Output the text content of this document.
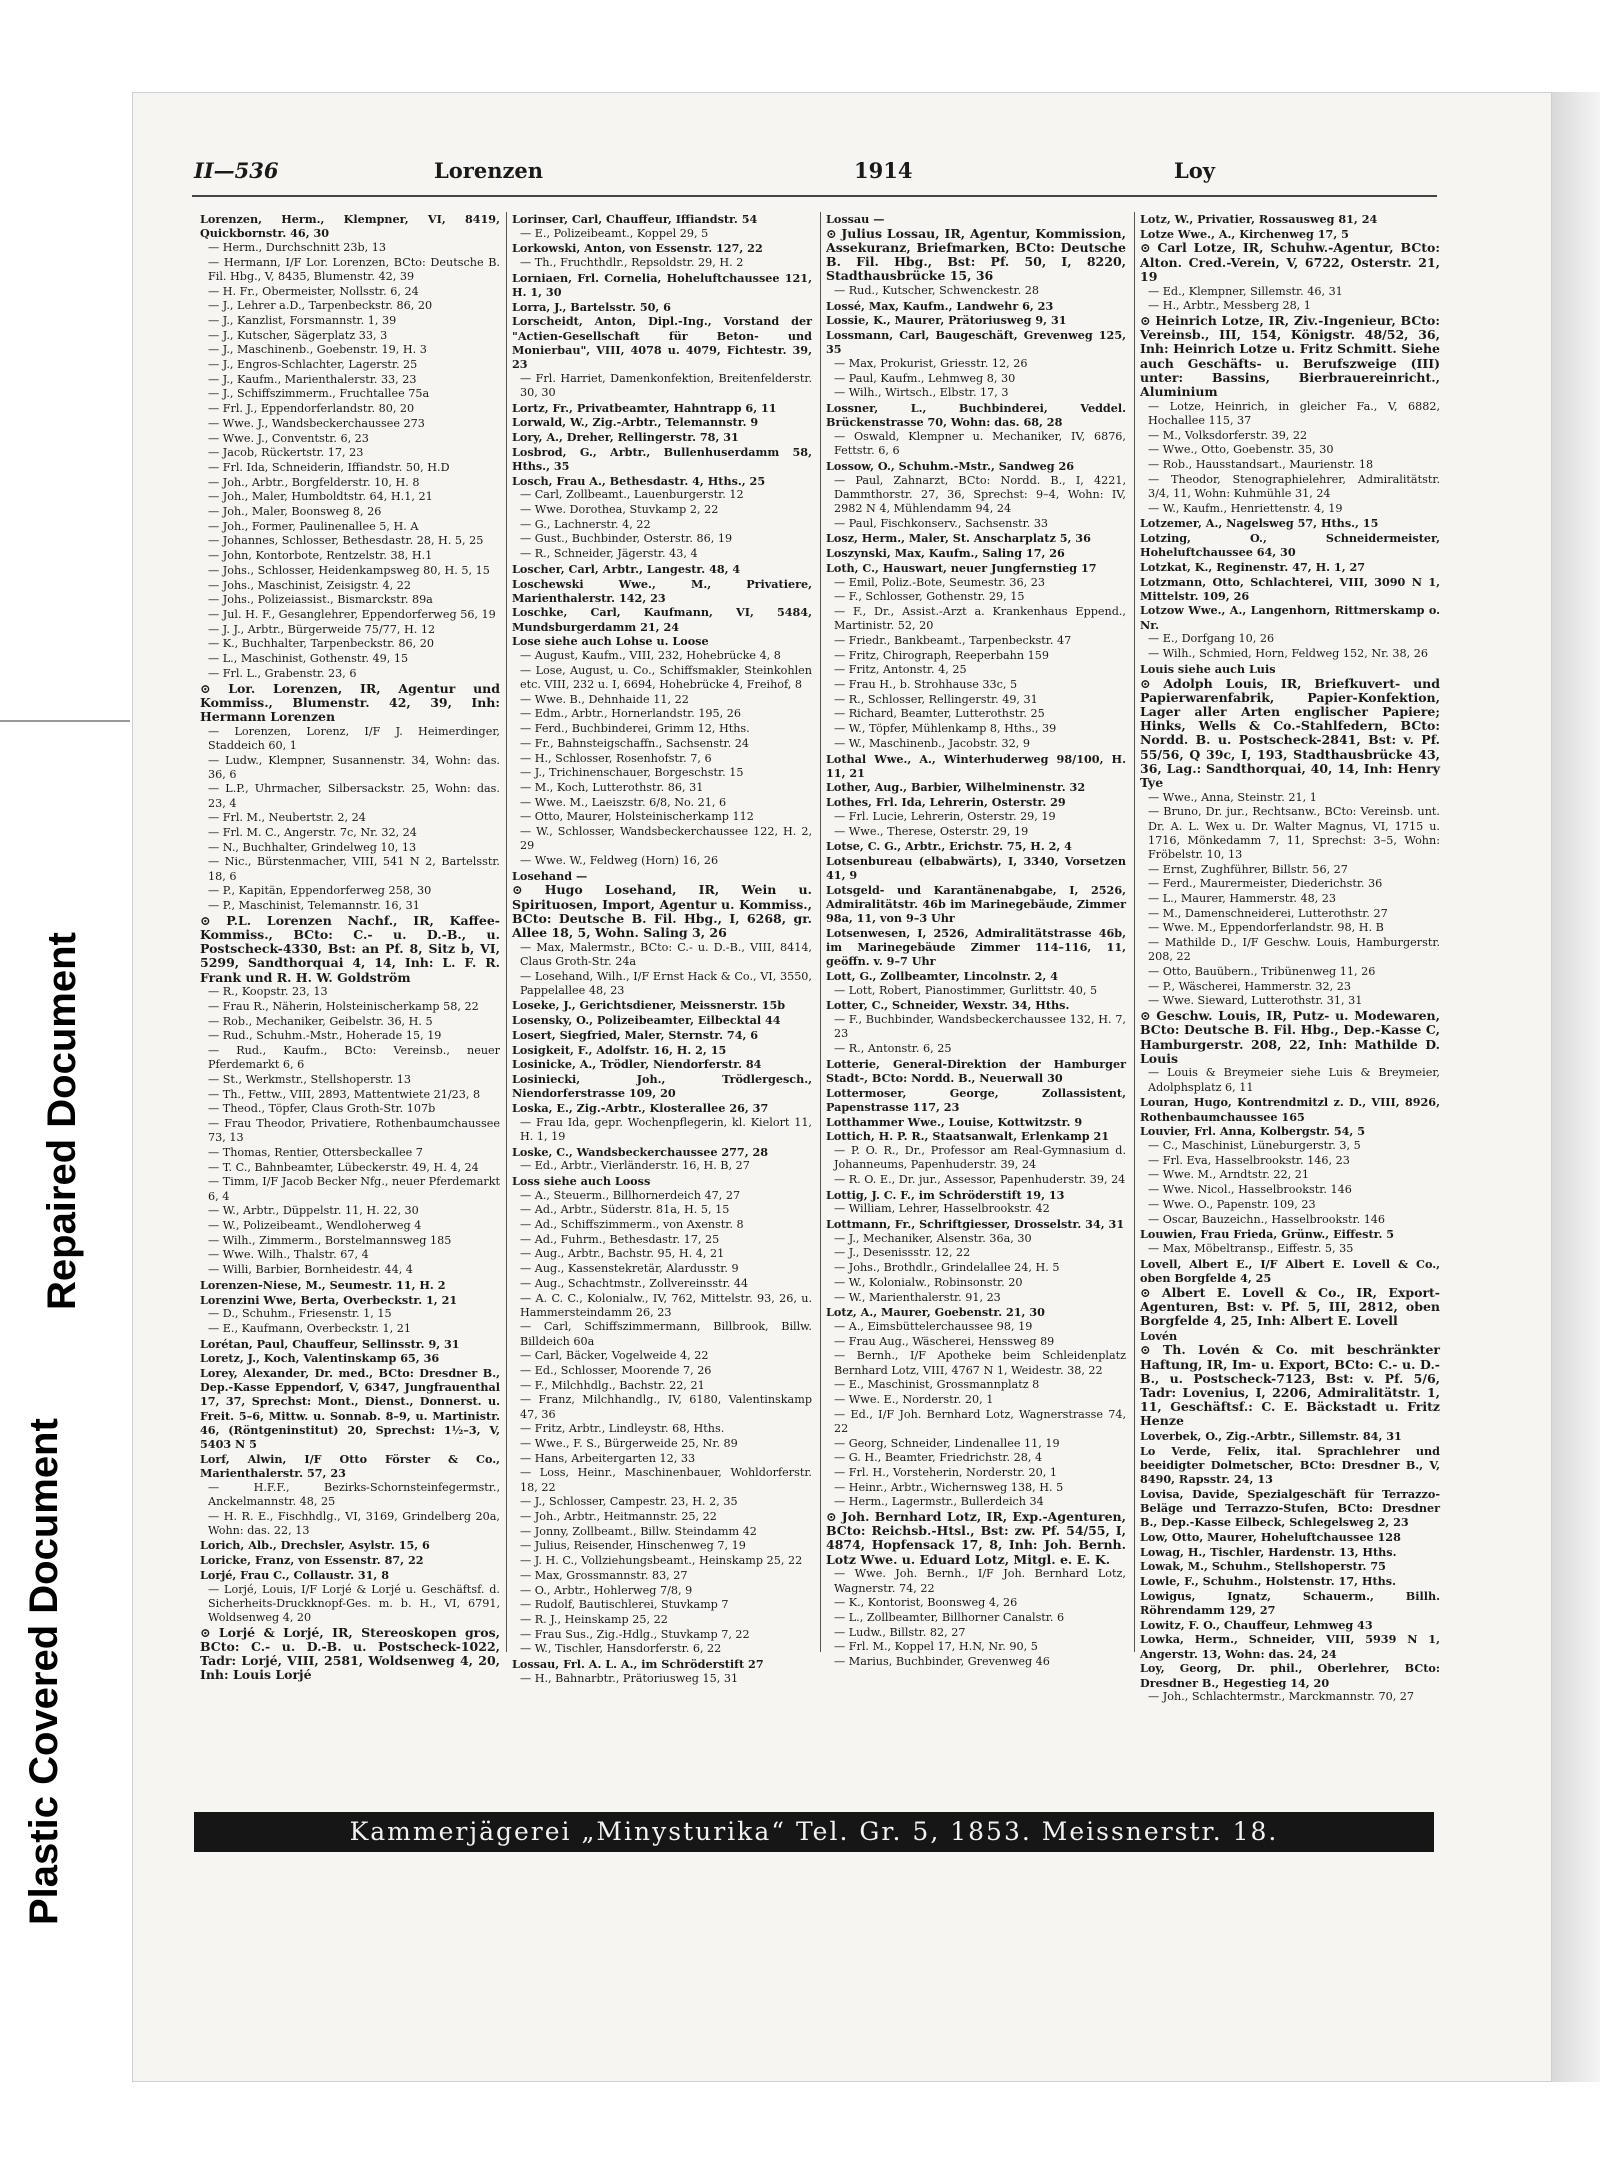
Repaired Document
Plastic Covered Document
II—536	Lorenzen	1914	Loy
Lorenzen, Herm., Klempner, VI, 8419, Quickbornstr. 46, 30
— Herm., Durchschnitt 23b, 13
— Hermann, I/F Lor. Lorenzen, BCto: Deutsche B. Fil. Hbg., V, 8435, Blumenstr. 42, 39
— H. Fr., Obermeister, Nollsstr. 6, 24
— J., Lehrer a.D., Tarpenbeckstr. 86, 20
— J., Kanzlist, Forsmannstr. 1, 39
— J., Kutscher, Sägerplatz 33, 3
— J., Maschinenb., Goebenstr. 19, H. 3
— J., Engros-Schlachter, Lagerstr. 25
— J., Kaufm., Marienthalerstr. 33, 23
— J., Schiffszimmerm., Fruchtallee 75a
— Frl. J., Eppendorferlandstr. 80, 20
— Wwe. J., Wandsbeckerchaussee 273
— Wwe. J., Conventstr. 6, 23
— Jacob, Rückertstr. 17, 23
— Frl. Ida, Schneiderin, Iffiandstr. 50, H.D
— Joh., Arbtr., Borgfelderstr. 10, H. 8
— Joh., Maler, Humboldtstr. 64, H.1, 21
— Joh., Maler, Boonsweg 8, 26
— Joh., Former, Paulinenallee 5, H. A
— Johannes, Schlosser, Bethesdastr. 28, H. 5, 25
— John, Kontorbote, Rentzelstr. 38, H.1
— Johs., Schlosser, Heidenkampsweg 80, H. 5, 15
— Johs., Maschinist, Zeisigstr. 4, 22
— Johs., Polizeiassist., Bismarckstr. 89a
— Jul. H. F., Gesanglehrer, Eppendorferweg 56, 19
— J. J., Arbtr., Bürgerweide 75/77, H. 12
— K., Buchhalter, Tarpenbeckstr. 86, 20
— L., Maschinist, Gothenstr. 49, 15
— Frl. L., Grabenstr. 23, 6
⊙ Lor. Lorenzen, IR, Agentur und Kommiss., Blumenstr. 42, 39, Inh: Hermann Lorenzen
— Lorenzen, Lorenz, I/F J. Heimerdinger, Staddeich 60, 1
— Ludw., Klempner, Susannenstr. 34, Wohn: das. 36, 6
— L.P., Uhrmacher, Silbersackstr. 25, Wohn: das. 23, 4
— Frl. M., Neubertstr. 2, 24
— Frl. M. C., Angerstr. 7c, Nr. 32, 24
— N., Buchhalter, Grindelweg 10, 13
— Nic., Bürstenmacher, VIII, 541 N 2, Bartelsstr. 18, 6
— P., Kapitän, Eppendorferweg 258, 30
— P., Maschinist, Telemannstr. 16, 31
⊙ P.L. Lorenzen Nachf., IR, Kaffee-Kommiss., BCto: C.- u. D.-B., u. Postscheck-4330, Bst: an Pf. 8, Sitz b, VI, 5299, Sandthorquai 4, 14, Inh: L. F. R. Frank und R. H. W. Goldström
— R., Koopstr. 23, 13
— Frau R., Näherin, Holsteinischerkamp 58, 22
— Rob., Mechaniker, Geibelstr. 36, H. 5
— Rud., Schuhm.-Mstr., Hoherade 15, 19
— Rud., Kaufm., BCto: Vereinsb., neuer Pferdemarkt 6, 6
— St., Werkmstr., Stellshoperstr. 13
— Th., Fettw., VIII, 2893, Mattentwiete 21/23, 8
— Theod., Töpfer, Claus Groth-Str. 107b
— Frau Theodor, Privatiere, Rothenbaumchaussee 73, 13
— Thomas, Rentier, Ottersbeckallee 7
— T. C., Bahnbeamter, Lübeckerstr. 49, H. 4, 24
— Timm, I/F Jacob Becker Nfg., neuer Pferdemarkt 6, 4
— W., Arbtr., Düppelstr. 11, H. 22, 30
— W., Polizeibeamt., Wendloherweg 4
— Wilh., Zimmerm., Borstelmannsweg 185
— Wwe. Wilh., Thalstr. 67, 4
— Willi, Barbier, Bornheidestr. 44, 4
Lorenzen-Niese, M., Seumestr. 11, H. 2
Lorenzini Wwe, Berta, Overbeckstr. 1, 21
— D., Schuhm., Friesenstr. 1, 15
— E., Kaufmann, Overbeckstr. 1, 21
Lorétan, Paul, Chauffeur, Sellinsstr. 9, 31
Loretz, J., Koch, Valentinskamp 65, 36
Lorey, Alexander, Dr. med., BCto: Dresdner B., Dep.-Kasse Eppendorf, V, 6347, Jungfrauenthal 17, 37, Sprechst: Mont., Dienst., Donnerst. u. Freit. 5–6, Mittw. u. Sonnab. 8–9, u. Martinistr. 46, (Röntgeninstitut) 20, Sprechst: 1½–3, V, 5403 N 5
Lorf, Alwin, I/F Otto Förster & Co., Marienthalerstr. 57, 23
— H.F.F., Bezirks-Schornsteinfegermstr., Anckelmannstr. 48, 25
— H. R. E., Fischhdlg., VI, 3169, Grindelberg 20a, Wohn: das. 22, 13
Lorich, Alb., Drechsler, Asylstr. 15, 6
Loricke, Franz, von Essenstr. 87, 22
Lorjé, Frau C., Collaustr. 31, 8
— Lorjé, Louis, I/F Lorjé & Lorjé u. Geschäftsf. d. Sicherheits-Druckknopf-Ges. m. b. H., VI, 6791, Woldsenweg 4, 20
⊙ Lorjé & Lorjé, IR, Stereoskopen gros, BCto: C.- u. D.-B. u. Postscheck-1022, Tadr: Lorjé, VIII, 2581, Woldsenweg 4, 20, Inh: Louis Lorjé
Lorinser, Carl, Chauffeur, Iffiandstr. 54
— E., Polizeibeamt., Koppel 29, 5
Lorkowski, Anton, von Essenstr. 127, 22
— Th., Fruchthdlr., Repsoldstr. 29, H. 2
Lorniaen, Frl. Cornelia, Hoheluftchaussee 121, H. 1, 30
Lorra, J., Bartelsstr. 50, 6
Lorscheidt, Anton, Dipl.-Ing., Vorstand der "Actien-Gesellschaft für Beton- und Monierbau", VIII, 4078 u. 4079, Fichtestr. 39, 23
— Frl. Harriet, Damenkonfektion, Breitenfelderstr. 30, 30
Lortz, Fr., Privatbeamter, Hahntrapp 6, 11
Lorwald, W., Zig.-Arbtr., Telemannstr. 9
Lory, A., Dreher, Rellingerstr. 78, 31
Losbrod, G., Arbtr., Bullenhuserdamm 58, Hths., 35
Losch, Frau A., Bethesdastr. 4, Hths., 25
— Carl, Zollbeamt., Lauenburgerstr. 12
— Wwe. Dorothea, Stuvkamp 2, 22
— G., Lachnerstr. 4, 22
— Gust., Buchbinder, Osterstr. 86, 19
— R., Schneider, Jägerstr. 43, 4
Loscher, Carl, Arbtr., Langestr. 48, 4
Loschewski Wwe., M., Privatiere, Marienthalerstr. 142, 23
Loschke, Carl, Kaufmann, VI, 5484, Mundsburgerdamm 21, 24
Lose siehe auch Lohse u. Loose
— August, Kaufm., VIII, 232, Hohebrücke 4, 8
— Lose, August, u. Co., Schiffsmakler, Steinkohlen etc. VIII, 232 u. I, 6694, Hohebrücke 4, Freihof, 8
— Wwe. B., Dehnhaide 11, 22
— Edm., Arbtr., Hornerlandstr. 195, 26
— Ferd., Buchbinderei, Grimm 12, Hths.
— Fr., Bahnsteigschaffn., Sachsenstr. 24
— H., Schlosser, Rosenhofstr. 7, 6
— J., Trichinenschauer, Borgeschstr. 15
— M., Koch, Lutterothstr. 86, 31
— Wwe. M., Laeiszstr. 6/8, No. 21, 6
— Otto, Maurer, Holsteinischerkamp 112
— W., Schlosser, Wandsbeckerchaussee 122, H. 2, 29
— Wwe. W., Feldweg (Horn) 16, 26
Losehand —
⊙ Hugo Losehand, IR, Wein u. Spirituosen, Import, Agentur u. Kommiss., BCto: Deutsche B. Fil. Hbg., I, 6268, gr. Allee 18, 5, Wohn. Saling 3, 26
— Max, Malermstr., BCto: C.- u. D.-B., VIII, 8414, Claus Groth-Str. 24a
— Losehand, Wilh., I/F Ernst Hack & Co., VI, 3550, Pappelallee 48, 23
Loseke, J., Gerichtsdiener, Meissnerstr. 15b
Losensky, O., Polizeibeamter, Eilbecktal 44
Losert, Siegfried, Maler, Sternstr. 74, 6
Losigkeit, F., Adolfstr. 16, H. 2, 15
Losinicke, A., Trödler, Niendorferstr. 84
Losiniecki, Joh., Trödlergesch., Niendorferstrasse 109, 20
Loska, E., Zig.-Arbtr., Klosterallee 26, 37
— Frau Ida, gepr. Wochenpflegerin, kl. Kielort 11, H. 1, 19
Loske, C., Wandsbeckerchaussee 277, 28
— Ed., Arbtr., Vierländerstr. 16, H. B, 27
Loss siehe auch Looss
— A., Steuerm., Billhornerdeich 47, 27
— Ad., Arbtr., Süderstr. 81a, H. 5, 15
— Ad., Schiffszimmerm., von Axenstr. 8
— Ad., Fuhrm., Bethesdastr. 17, 25
— Aug., Arbtr., Bachstr. 95, H. 4, 21
— Aug., Kassenstekretär, Alardusstr. 9
— Aug., Schachtmstr., Zollvereinsstr. 44
— A. C. C., Kolonialw., IV, 762, Mittelstr. 93, 26, u. Hammersteindamm 26, 23
— Carl, Schiffszimmermann, Billbrook, Billw. Billdeich 60a
— Carl, Bäcker, Vogelweide 4, 22
— Ed., Schlosser, Moorende 7, 26
— F., Milchhdlg., Bachstr. 22, 21
— Franz, Milchhandlg., IV, 6180, Valentinskamp 47, 36
— Fritz, Arbtr., Lindleystr. 68, Hths.
— Wwe., F. S., Bürgerweide 25, Nr. 89
— Hans, Arbeitergarten 12, 33
— Loss, Heinr., Maschinenbauer, Wohldorferstr. 18, 22
— J., Schlosser, Campestr. 23, H. 2, 35
— Joh., Arbtr., Heitmannstr. 25, 22
— Jonny, Zollbeamt., Billw. Steindamm 42
— Julius, Reisender, Hinschenweg 7, 19
— J. H. C., Vollziehungsbeamt., Heinskamp 25, 22
— Max, Grossmannstr. 83, 27
— O., Arbtr., Hohlerweg 7/8, 9
— Rudolf, Bautischlerei, Stuvkamp 7
— R. J., Heinskamp 25, 22
— Frau Sus., Zig.-Hdlg., Stuvkamp 7, 22
— W., Tischler, Hansdorferstr. 6, 22
Lossau, Frl. A. L. A., im Schröderstift 27
— H., Bahnarbtr., Prätoriusweg 15, 31
Lossau —
⊙ Julius Lossau, IR, Agentur, Kommission, Assekuranz, Briefmarken, BCto: Deutsche B. Fil. Hbg., Bst: Pf. 50, I, 8220, Stadthausbrücke 15, 36
— Rud., Kutscher, Schwenckestr. 28
Lossé, Max, Kaufm., Landwehr 6, 23
Lossie, K., Maurer, Prätoriusweg 9, 31
Lossmann, Carl, Baugeschäft, Grevenweg 125, 35
— Max, Prokurist, Griesstr. 12, 26
— Paul, Kaufm., Lehmweg 8, 30
— Wilh., Wirtsch., Elbstr. 17, 3
Lossner, L., Buchbinderei, Veddel. Brückenstrasse 70, Wohn: das. 68, 28
— Oswald, Klempner u. Mechaniker, IV, 6876, Fettstr. 6, 6
Lossow, O., Schuhm.-Mstr., Sandweg 26
— Paul, Zahnarzt, BCto: Nordd. B., I, 4221, Dammthorstr. 27, 36, Sprechst: 9–4, Wohn: IV, 2982 N 4, Mühlendamm 94, 24
— Paul, Fischkonserv., Sachsenstr. 33
Losz, Herm., Maler, St. Anscharplatz 5, 36
Loszynski, Max, Kaufm., Saling 17, 26
Loth, C., Hauswart, neuer Jungfernstieg 17
— Emil, Poliz.-Bote, Seumestr. 36, 23
— F., Schlosser, Gothenstr. 29, 15
— F., Dr., Assist.-Arzt a. Krankenhaus Eppend., Martinistr. 52, 20
— Friedr., Bankbeamt., Tarpenbeckstr. 47
— Fritz, Chirograph, Reeperbahn 159
— Fritz, Antonstr. 4, 25
— Frau H., b. Strohhause 33c, 5
— R., Schlosser, Rellingerstr. 49, 31
— Richard, Beamter, Lutterothstr. 25
— W., Töpfer, Mühlenkamp 8, Hths., 39
— W., Maschinenb., Jacobstr. 32, 9
Lothal Wwe., A., Winterhuderweg 98/100, H. 11, 21
Lother, Aug., Barbier, Wilhelminenstr. 32
Lothes, Frl. Ida, Lehrerin, Osterstr. 29
— Frl. Lucie, Lehrerin, Osterstr. 29, 19
— Wwe., Therese, Osterstr. 29, 19
Lotse, C. G., Arbtr., Erichstr. 75, H. 2, 4
Lotsenbureau (elbabwärts), I, 3340, Vorsetzen 41, 9
Lotsgeld- und Karantänenabgabe, I, 2526, Admiralitätstr. 46b im Marinegebäude, Zimmer 98a, 11, von 9–3 Uhr
Lotsenwesen, I, 2526, Admiralitätstrasse 46b, im Marinegebäude Zimmer 114–116, 11, geöffn. v. 9–7 Uhr
Lott, G., Zollbeamter, Lincolnstr. 2, 4
— Lott, Robert, Pianostimmer, Gurlittstr. 40, 5
Lotter, C., Schneider, Wexstr. 34, Hths.
— F., Buchbinder, Wandsbeckerchaussee 132, H. 7, 23
— R., Antonstr. 6, 25
Lotterie, General-Direktion der Hamburger Stadt-, BCto: Nordd. B., Neuerwall 30
Lottermoser, George, Zollassistent, Papenstrasse 117, 23
Lotthammer Wwe., Louise, Kottwitzstr. 9
Lottich, H. P. R., Staatsanwalt, Erlenkamp 21
— P. O. R., Dr., Professor am Real-Gymnasium d. Johanneums, Papenhuderstr. 39, 24
— R. O. E., Dr. jur., Assessor, Papenhuderstr. 39, 24
Lottig, J. C. F., im Schröderstift 19, 13
— William, Lehrer, Hasselbrookstr. 42
Lottmann, Fr., Schriftgiesser, Drosselstr. 34, 31
— J., Mechaniker, Alsenstr. 36a, 30
— J., Desenissstr. 12, 22
— Johs., Brothdlr., Grindelallee 24, H. 5
— W., Kolonialw., Robinsonstr. 20
— W., Marienthalerstr. 91, 23
Lotz, A., Maurer, Goebenstr. 21, 30
— A., Eimsbüttelerchaussee 98, 19
— Frau Aug., Wäscherei, Henssweg 89
— Bernh., I/F Apotheke beim Schleidenplatz Bernhard Lotz, VIII, 4767 N 1, Weidestr. 38, 22
— E., Maschinist, Grossmannplatz 8
— Wwe. E., Norderstr. 20, 1
— Ed., I/F Joh. Bernhard Lotz, Wagnerstrasse 74, 22
— Georg, Schneider, Lindenallee 11, 19
— G. H., Beamter, Friedrichstr. 28, 4
— Frl. H., Vorsteherin, Norderstr. 20, 1
— Heinr., Arbtr., Wichernsweg 138, H. 5
— Herm., Lagermstr., Bullerdeich 34
⊙ Joh. Bernhard Lotz, IR, Exp.-Agenturen, BCto: Reichsb.-Htsl., Bst: zw. Pf. 54/55, I, 4874, Hopfensack 17, 8, Inh: Joh. Bernh. Lotz Wwe. u. Eduard Lotz, Mitgl. e. E. K.
— Wwe. Joh. Bernh., I/F Joh. Bernhard Lotz, Wagnerstr. 74, 22
— K., Kontorist, Boonsweg 4, 26
— L., Zollbeamter, Billhorner Canalstr. 6
— Ludw., Billstr. 82, 27
— Frl. M., Koppel 17, H.N, Nr. 90, 5
— Marius, Buchbinder, Grevenweg 46
Lotz, W., Privatier, Rossausweg 81, 24
Lotze Wwe., A., Kirchenweg 17, 5
⊙ Carl Lotze, IR, Schuhw.-Agentur, BCto: Alton. Cred.-Verein, V, 6722, Osterstr. 21, 19
— Ed., Klempner, Sillemstr. 46, 31
— H., Arbtr., Messberg 28, 1
⊙ Heinrich Lotze, IR, Ziv.-Ingenieur, BCto: Vereinsb., III, 154, Königstr. 48/52, 36, Inh: Heinrich Lotze u. Fritz Schmitt. Siehe auch Geschäfts- u. Berufszweige (III) unter: Bassins, Bierbrauereinricht., Aluminium
— Lotze, Heinrich, in gleicher Fa., V, 6882, Hochallee 115, 37
— M., Volksdorferstr. 39, 22
— Wwe., Otto, Goebenstr. 35, 30
— Rob., Hausstandsart., Maurienstr. 18
— Theodor, Stenographielehrer, Admiralitätstr. 3/4, 11, Wohn: Kuhmühle 31, 24
— W., Kaufm., Henriettenstr. 4, 19
Lotzemer, A., Nagelsweg 57, Hths., 15
Lotzing, O., Schneidermeister, Hoheluftchaussee 64, 30
Lotzkat, K., Reginenstr. 47, H. 1, 27
Lotzmann, Otto, Schlachterei, VIII, 3090 N 1, Mittelstr. 109, 26
Lotzow Wwe., A., Langenhorn, Rittmerskamp o. Nr.
— E., Dorfgang 10, 26
— Wilh., Schmied, Horn, Feldweg 152, Nr. 38, 26
Louis siehe auch Luis
⊙ Adolph Louis, IR, Briefkuvert- und Papierwarenfabrik, Papier-Konfektion, Lager aller Arten englischer Papiere; Hinks, Wells & Co.-Stahlfedern, BCto: Nordd. B. u. Postscheck-2841, Bst: v. Pf. 55/56, Q 39c, I, 193, Stadthausbrücke 43, 36, Lag.: Sandthorquai, 40, 14, Inh: Henry Tye
— Wwe., Anna, Steinstr. 21, 1
— Bruno, Dr. jur., Rechtsanw., BCto: Vereinsb. unt. Dr. A. L. Wex u. Dr. Walter Magnus, VI, 1715 u. 1716, Mönkedamm 7, 11, Sprechst: 3–5, Wohn: Fröbelstr. 10, 13
— Ernst, Zughführer, Billstr. 56, 27
— Ferd., Maurermeister, Diederichstr. 36
— L., Maurer, Hammerstr. 48, 23
— M., Damenschneiderei, Lutterothstr. 27
— Wwe. M., Eppendorferlandstr. 98, H. B
— Mathilde D., I/F Geschw. Louis, Hamburgerstr. 208, 22
— Otto, Bauübern., Tribünenweg 11, 26
— P., Wäscherei, Hammerstr. 32, 23
— Wwe. Sieward, Lutterothstr. 31, 31
⊙ Geschw. Louis, IR, Putz- u. Modewaren, BCto: Deutsche B. Fil. Hbg., Dep.-Kasse C, Hamburgerstr. 208, 22, Inh: Mathilde D. Louis
— Louis & Breymeier siehe Luis & Breymeier, Adolphsplatz 6, 11
Louran, Hugo, Kontrendmitzl z. D., VIII, 8926, Rothenbaumchaussee 165
Louvier, Frl. Anna, Kolbergstr. 54, 5
— C., Maschinist, Lüneburgerstr. 3, 5
— Frl. Eva, Hasselbrookstr. 146, 23
— Wwe. M., Arndtstr. 22, 21
— Wwe. Nicol., Hasselbrookstr. 146
— Wwe. O., Papenstr. 109, 23
— Oscar, Bauzeichn., Hasselbrookstr. 146
Louwien, Frau Frieda, Grünw., Eiffestr. 5
— Max, Möbeltransp., Eiffestr. 5, 35
Lovell, Albert E., I/F Albert E. Lovell & Co., oben Borgfelde 4, 25
⊙ Albert E. Lovell & Co., IR, Export-Agenturen, Bst: v. Pf. 5, III, 2812, oben Borgfelde 4, 25, Inh: Albert E. Lovell
Lovén
⊙ Th. Lovén & Co. mit beschränkter Haftung, IR, Im- u. Export, BCto: C.- u. D.-B., u. Postscheck-7123, Bst: v. Pf. 5/6, Tadr: Lovenius, I, 2206, Admiralitätstr. 1, 11, Geschäftsf.: C. E. Bäckstadt u. Fritz Henze
Loverbek, O., Zig.-Arbtr., Sillemstr. 84, 31
Lo Verde, Felix, ital. Sprachlehrer und beeidigter Dolmetscher, BCto: Dresdner B., V, 8490, Rapsstr. 24, 13
Lovisa, Davide, Spezialgeschäft für Terrazzo-Beläge und Terrazzo-Stufen, BCto: Dresdner B., Dep.-Kasse Eilbeck, Schlegelsweg 2, 23
Low, Otto, Maurer, Hoheluftchaussee 128
Lowag, H., Tischler, Hardenstr. 13, Hths.
Lowak, M., Schuhm., Stellshoperstr. 75
Lowle, F., Schuhm., Holstenstr. 17, Hths.
Lowigus, Ignatz, Schauerm., Billh. Röhrendamm 129, 27
Lowitz, F. O., Chauffeur, Lehmweg 43
Lowka, Herm., Schneider, VIII, 5939 N 1, Angerstr. 13, Wohn: das. 24, 24
Loy, Georg, Dr. phil., Oberlehrer, BCto: Dresdner B., Hegestieg 14, 20
— Joh., Schlachtermstr., Marckmannstr. 70, 27
Kammerjägerei „Minysturika“ Tel. Gr. 5, 1853. Meissnerstr. 18.
